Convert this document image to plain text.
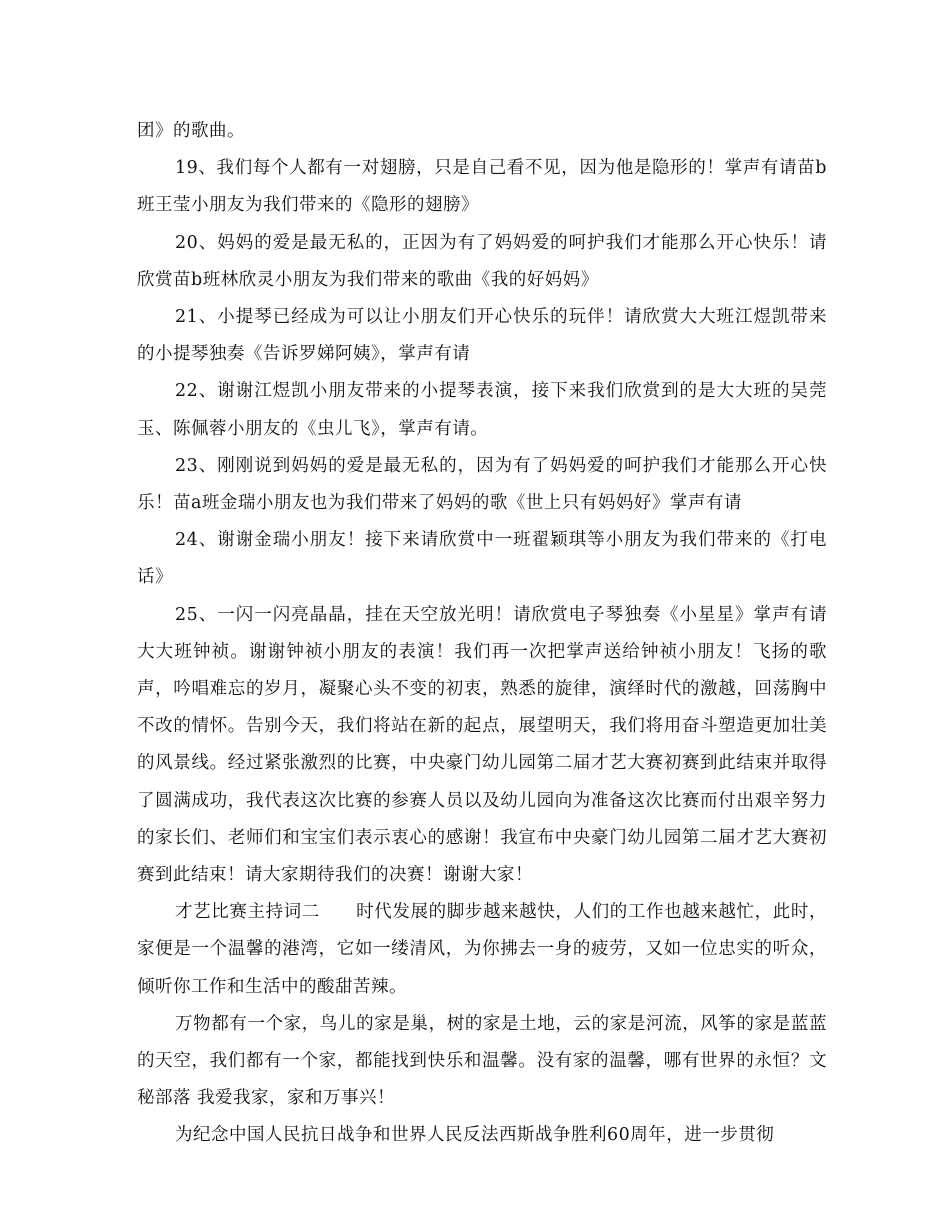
团》的歌曲。

19、我们每个人都有一对翅膀，只是自己看不见，因为他是隐形的！掌声有请苗b班王莹小朋友为我们带来的《隐形的翅膀》

20、妈妈的爱是最无私的，正因为有了妈妈爱的呵护我们才能那么开心快乐！请欣赏苗b班林欣灵小朋友为我们带来的歌曲《我的好妈妈》

21、小提琴已经成为可以让小朋友们开心快乐的玩伴！请欣赏大大班江煜凯带来的小提琴独奏《告诉罗娣阿姨》，掌声有请

22、谢谢江煜凯小朋友带来的小提琴表演，接下来我们欣赏到的是大大班的吴莞玉、陈佩蓉小朋友的《虫儿飞》，掌声有请。

23、刚刚说到妈妈的爱是最无私的，因为有了妈妈爱的呵护我们才能那么开心快乐！苗a班金瑞小朋友也为我们带来了妈妈的歌《世上只有妈妈好》掌声有请

24、谢谢金瑞小朋友！接下来请欣赏中一班翟颖琪等小朋友为我们带来的《打电话》

25、一闪一闪亮晶晶，挂在天空放光明！请欣赏电子琴独奏《小星星》掌声有请大大班钟祯。谢谢钟祯小朋友的表演！我们再一次把掌声送给钟祯小朋友！飞扬的歌声，吟唱难忘的岁月，凝聚心头不变的初衷，熟悉的旋律，演绎时代的激越，回荡胸中不改的情怀。告别今天，我们将站在新的起点，展望明天，我们将用奋斗塑造更加壮美的风景线。经过紧张激烈的比赛，中央豪门幼儿园第二届才艺大赛初赛到此结束并取得了圆满成功，我代表这次比赛的参赛人员以及幼儿园向为准备这次比赛而付出艰辛努力的家长们、老师们和宝宝们表示衷心的感谢！我宣布中央豪门幼儿园第二届才艺大赛初赛到此结束！请大家期待我们的决赛！谢谢大家！

才艺比赛主持词二　　时代发展的脚步越来越快，人们的工作也越来越忙，此时，家便是一个温馨的港湾，它如一缕清风，为你拂去一身的疲劳，又如一位忠实的听众，倾听你工作和生活中的酸甜苦辣。

万物都有一个家，鸟儿的家是巢，树的家是土地，云的家是河流，风筝的家是蓝蓝的天空，我们都有一个家，都能找到快乐和温馨。没有家的温馨，哪有世界的永恒？文秘部落 我爱我家，家和万事兴！

为纪念中国人民抗日战争和世界人民反法西斯战争胜利60周年，进一步贯彻
